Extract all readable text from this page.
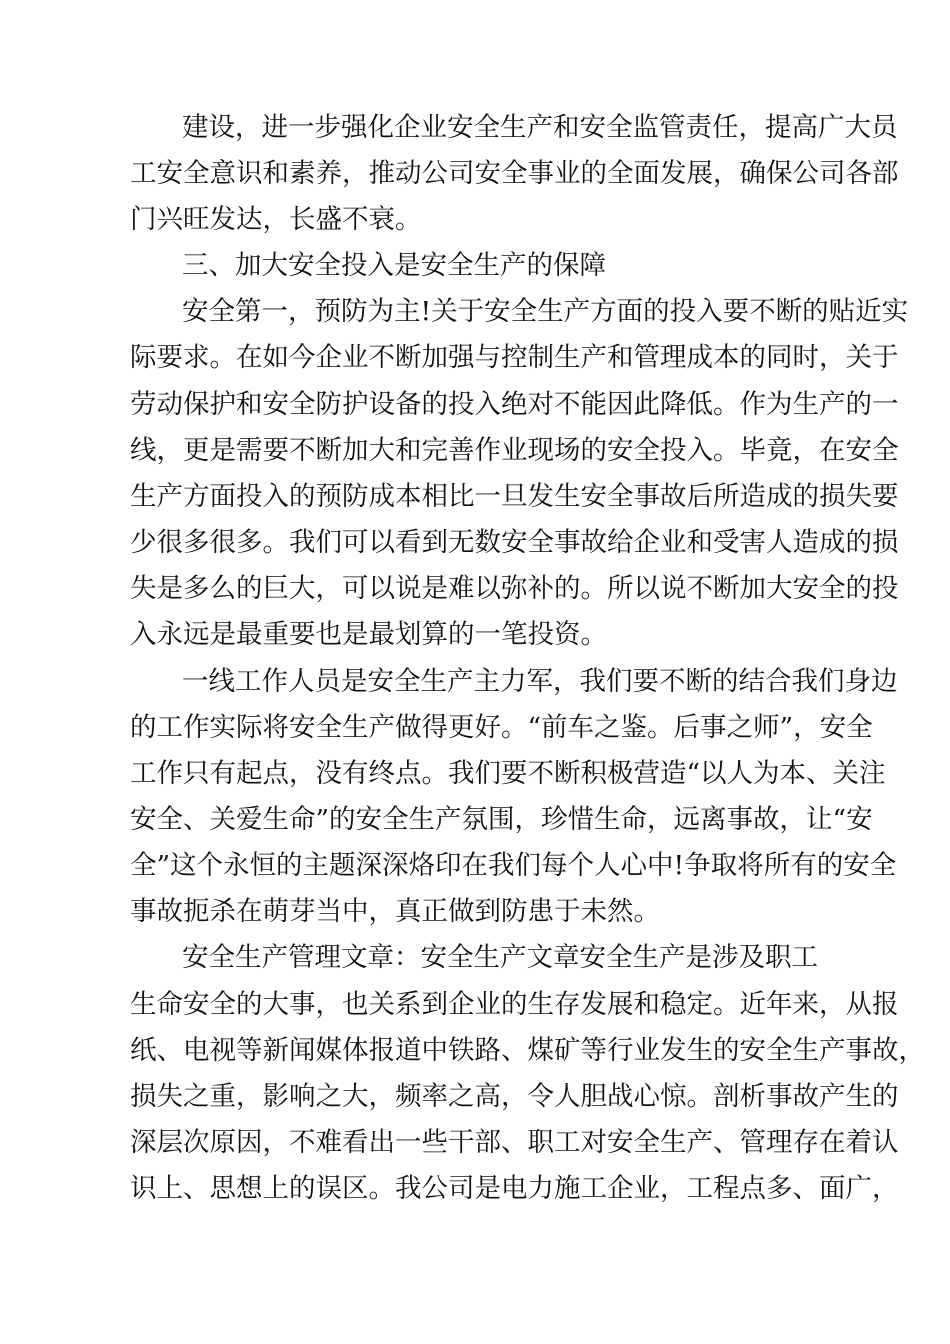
建设，进一步强化企业安全生产和安全监管责任，提高广大员
工安全意识和素养，推动公司安全事业的全面发展，确保公司各部
门兴旺发达，长盛不衰。
三、加大安全投入是安全生产的保障
安全第一，预防为主!关于安全生产方面的投入要不断的贴近实
际要求。在如今企业不断加强与控制生产和管理成本的同时，关于
劳动保护和安全防护设备的投入绝对不能因此降低。作为生产的一
线，更是需要不断加大和完善作业现场的安全投入。毕竟，在安全
生产方面投入的预防成本相比一旦发生安全事故后所造成的损失要
少很多很多。我们可以看到无数安全事故给企业和受害人造成的损
失是多么的巨大，可以说是难以弥补的。所以说不断加大安全的投
入永远是最重要也是最划算的一笔投资。
一线工作人员是安全生产主力军，我们要不断的结合我们身边
的工作实际将安全生产做得更好。“前车之鉴。后事之师”，安全
工作只有起点，没有终点。我们要不断积极营造“以人为本、关注
安全、关爱生命”的安全生产氛围，珍惜生命，远离事故，让“安
全”这个永恒的主题深深烙印在我们每个人心中!争取将所有的安全
事故扼杀在萌芽当中，真正做到防患于未然。
安全生产管理文章：安全生产文章安全生产是涉及职工
生命安全的大事，也关系到企业的生存发展和稳定。近年来，从报
纸、电视等新闻媒体报道中铁路、煤矿等行业发生的安全生产事故，
损失之重，影响之大，频率之高，令人胆战心惊。剖析事故产生的
深层次原因，不难看出一些干部、职工对安全生产、管理存在着认
识上、思想上的误区。我公司是电力施工企业，工程点多、面广，
